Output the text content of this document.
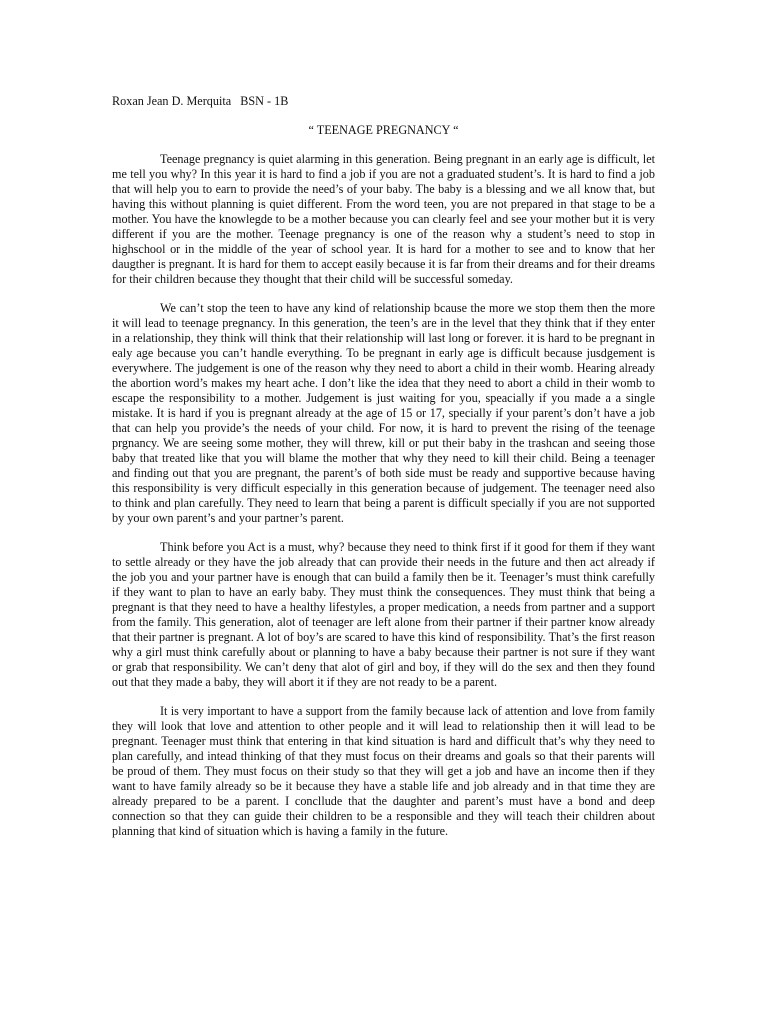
Roxan Jean D. Merquita   BSN - 1B
“ TEENAGE PREGNANCY “

Teenage pregnancy is quiet alarming in this generation. Being pregnant in an early age is difficult, let me tell you why? In this year it is hard to find a job if you are not a graduated student’s. It is hard to find a job that will help you to earn to provide the need’s of your baby. The baby is a blessing and we all know that, but having this without planning is quiet different. From the word teen, you are not prepared in that stage to be a mother. You have the knowlegde to be a mother because you can clearly feel and see your mother but it is very different if you are the mother. Teenage pregnancy is one of the reason why a student’s need to stop in highschool or in the middle of the year of school year. It is hard for a mother to see and to know that her daugther is pregnant. It is hard for them to accept easily because it is far from their dreams and for their dreams for their children because they thought that their child will be successful someday.

We can’t stop the teen to have any kind of relationship bcause the more we stop them then the more it will lead to teenage pregnancy. In this generation, the teen’s are in the level that they think that if they enter in a relationship, they think will think that their relationship will last long or forever. it is hard to be pregnant in ealy age because you can’t handle everything. To be pregnant in early age is difficult because jusdgement is everywhere. The judgement is one of the reason why they need to abort a child in their womb. Hearing already the abortion word’s makes my heart ache. I don’t like the idea that they need to abort a child in their womb to escape the responsibility to a mother. Judgement is just waiting for you, speacially if you made a a single mistake. It is hard if you is pregnant already at the age of 15 or 17, specially if your parent’s don’t have a job that can help you provide’s the needs of your child. For now, it is hard to prevent the rising of the teenage prgnancy. We are seeing some mother, they will threw, kill or put their baby in the trashcan and seeing those baby that treated like that you will blame the mother that why they need to kill their child. Being a teenager and finding out that you are pregnant, the parent’s of both side must be ready and supportive because having this responsibility is very difficult especially in this generation because of judgement. The teenager need also to think and plan carefully. They need to learn that being a parent is difficult specially if you are not supported by your own parent’s and your partner’s parent.

Think before you Act is a must, why? because they need to think first if it good for them if they want to settle already or they have the job already that can provide their needs in the future and then act already if the job you and your partner have is enough that can build a family then be it. Teenager’s must think carefully if they want to plan to have an early baby. They must think the consequences. They must think that being a pregnant is that they need to have a healthy lifestyles, a proper medication, a needs from partner and a support from the family. This generation, alot of teenager are left alone from their partner if their partner know already that their partner is pregnant. A lot of boy’s are scared to have this kind of responsibility. That’s the first reason why a girl must think carefully about or planning to have a baby because their partner is not sure if they want or grab that responsibility. We can’t deny that alot of girl and boy, if they will do the sex and then they found out that they made a baby, they will abort it if they are not ready to be a parent.

It is very important to have a support from the family because lack of attention and love from family they will look that love and attention to other people and it will lead to relationship then it will lead to be pregnant. Teenager must think that entering in that kind situation is hard and difficult that’s why they need to plan carefully, and intead thinking of that they must focus on their dreams and goals so that their parents will be proud of them. They must focus on their study so that they will get a job and have an income then if they want to have family already so be it because they have a stable life and job already and in that time they are already prepared to be a parent. I concllude that the daughter and parent’s must have a bond and deep connection so that they can guide their children to be a responsible and they will teach their children about planning that kind of situation which is having a family in the future.
